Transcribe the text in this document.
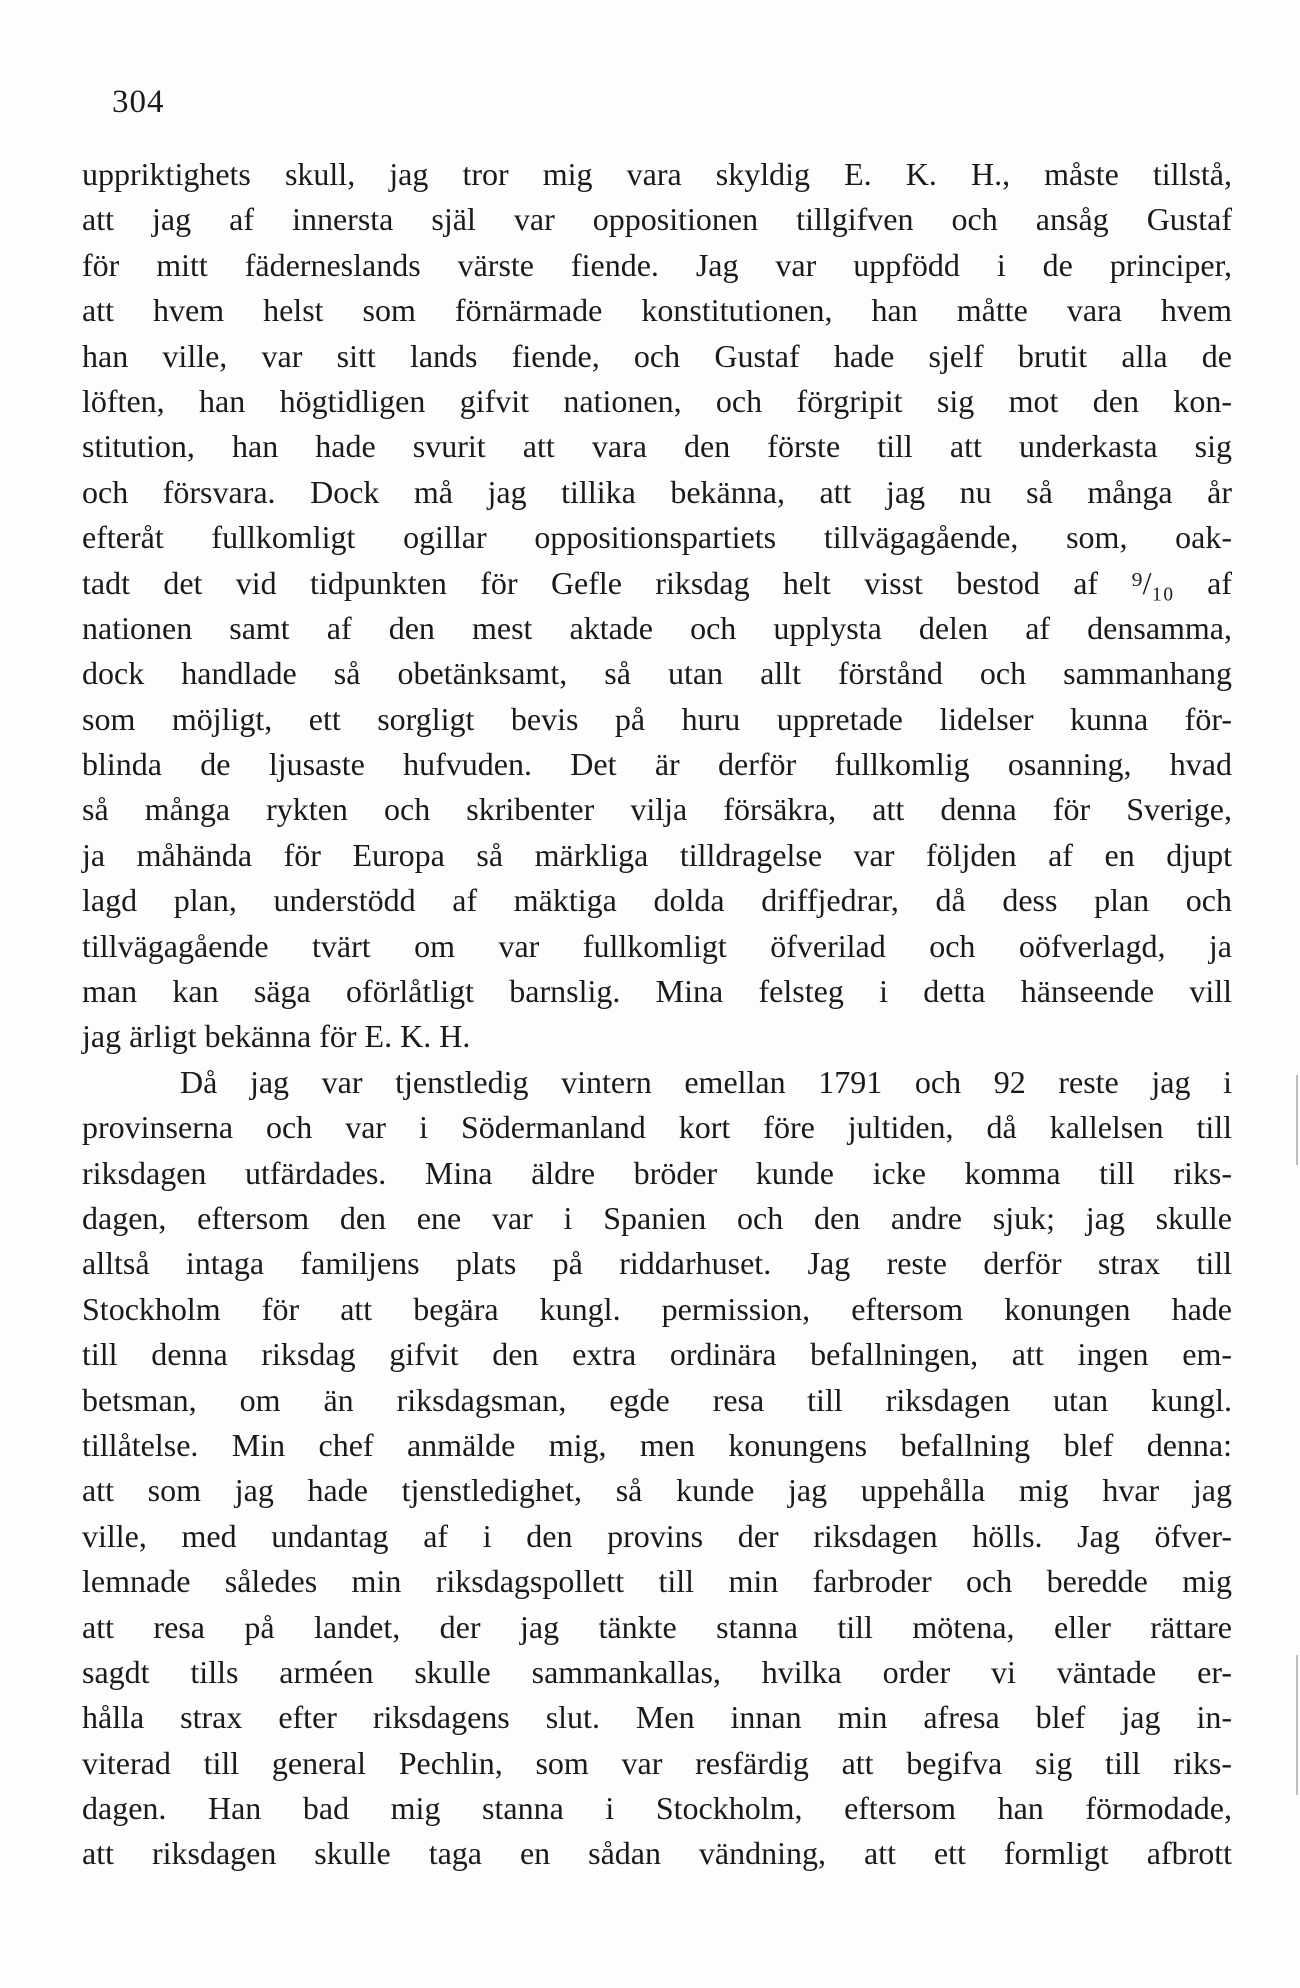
304
uppriktighets skull, jag tror mig vara skyldig E. K. H., måste tillstå,
att jag af innersta själ var oppositionen tillgifven och ansåg Gustaf
för mitt fäderneslands värste fiende. Jag var uppfödd i de principer,
att hvem helst som förnärmade konstitutionen, han måtte vara hvem
han ville, var sitt lands fiende, och Gustaf hade sjelf brutit alla de
löften, han högtidligen gifvit nationen, och förgripit sig mot den kon-
stitution, han hade svurit att vara den förste till att underkasta sig
och försvara. Dock må jag tillika bekänna, att jag nu så många år
efteråt fullkomligt ogillar oppositionspartiets tillvägagående, som, oak-
tadt det vid tidpunkten för Gefle riksdag helt visst bestod af ⁹/₁₀ af
nationen samt af den mest aktade och upplysta delen af densamma,
dock handlade så obetänksamt, så utan allt förstånd och sammanhang
som möjligt, ett sorgligt bevis på huru uppretade lidelser kunna för-
blinda de ljusaste hufvuden. Det är derför fullkomlig osanning, hvad
så många rykten och skribenter vilja försäkra, att denna för Sverige,
ja måhända för Europa så märkliga tilldragelse var följden af en djupt
lagd plan, understödd af mäktiga dolda driffjedrar, då dess plan och
tillvägagående tvärt om var fullkomligt öfverilad och oöfverlagd, ja
man kan säga oförlåtligt barnslig. Mina felsteg i detta hänseende vill
jag ärligt bekänna för E. K. H.
Då jag var tjenstledig vintern emellan 1791 och 92 reste jag i
provinserna och var i Södermanland kort före jultiden, då kallelsen till
riksdagen utfärdades. Mina äldre bröder kunde icke komma till riks-
dagen, eftersom den ene var i Spanien och den andre sjuk; jag skulle
alltså intaga familjens plats på riddarhuset. Jag reste derför strax till
Stockholm för att begära kungl. permission, eftersom konungen hade
till denna riksdag gifvit den extra ordinära befallningen, att ingen em-
betsman, om än riksdagsman, egde resa till riksdagen utan kungl.
tillåtelse. Min chef anmälde mig, men konungens befallning blef denna:
att som jag hade tjenstledighet, så kunde jag uppehålla mig hvar jag
ville, med undantag af i den provins der riksdagen hölls. Jag öfver-
lemnade således min riksdagspollett till min farbroder och beredde mig
att resa på landet, der jag tänkte stanna till mötena, eller rättare
sagdt tills arméen skulle sammankallas, hvilka order vi väntade er-
hålla strax efter riksdagens slut. Men innan min afresa blef jag in-
viterad till general Pechlin, som var resfärdig att begifva sig till riks-
dagen. Han bad mig stanna i Stockholm, eftersom han förmodade,
att riksdagen skulle taga en sådan vändning, att ett formligt afbrott
